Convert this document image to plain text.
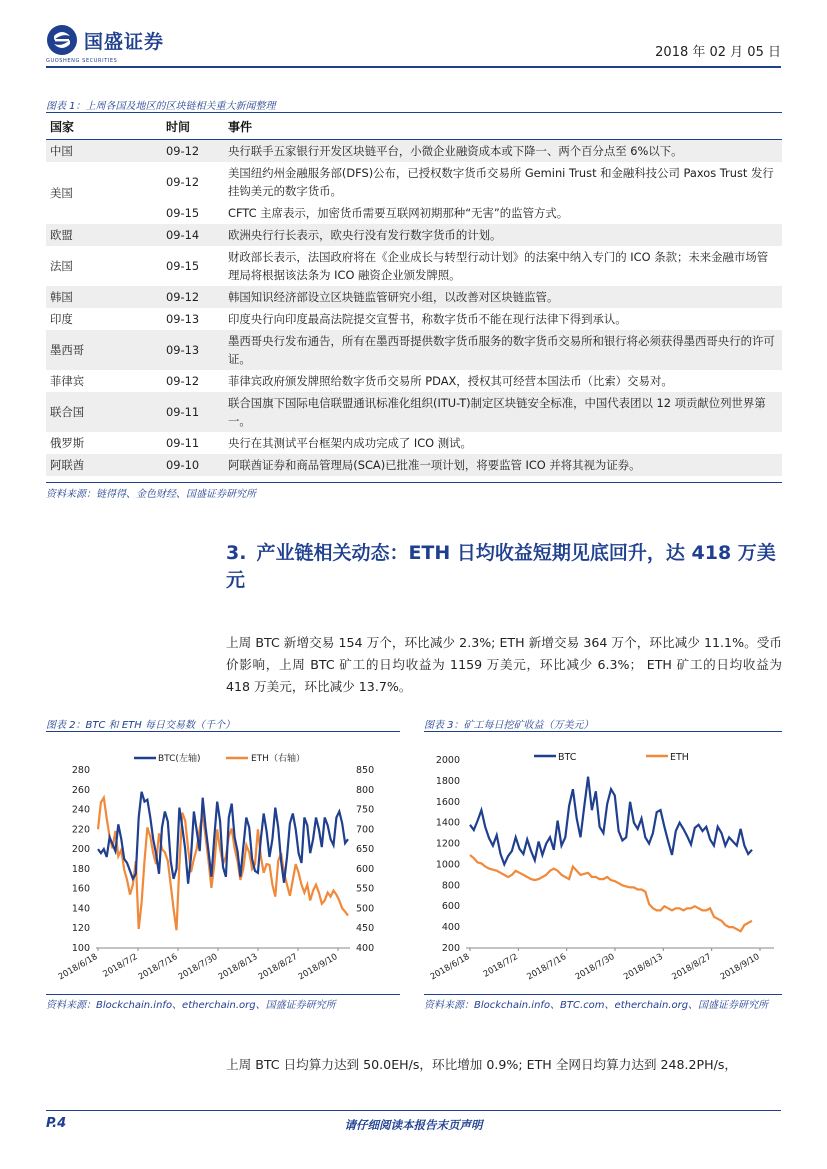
国盛证券
GUOSHENG SECURITIES
2018 年 02 月 05 日
图表 1：上周各国及地区的区块链相关重大新闻整理
国家	时间	事件
中国	09-12	央行联手五家银行开发区块链平台，小微企业融资成本或下降一、两个百分点至 6%以下。
美国	09-12	美国纽约州金融服务部(DFS)公布，已授权数字货币交易所 Gemini Trust 和金融科技公司 Paxos Trust 发行挂钩美元的数字货币。
	09-15	CFTC 主席表示，加密货币需要互联网初期那种“无害”的监管方式。
欧盟	09-14	欧洲央行行长表示，欧央行没有发行数字货币的计划。
法国	09-15	财政部长表示，法国政府将在《企业成长与转型行动计划》的法案中纳入专门的 ICO 条款；未来金融市场管理局将根据该法条为 ICO 融资企业颁发牌照。
韩国	09-12	韩国知识经济部设立区块链监管研究小组，以改善对区块链监管。
印度	09-13	印度央行向印度最高法院提交宣誓书，称数字货币不能在现行法律下得到承认。
墨西哥	09-13	墨西哥央行发布通告，所有在墨西哥提供数字货币服务的数字货币交易所和银行将必须获得墨西哥央行的许可证。
菲律宾	09-12	菲律宾政府颁发牌照给数字货币交易所 PDAX，授权其可经营本国法币（比索）交易对。
联合国	09-11	联合国旗下国际电信联盟通讯标准化组织(ITU-T)制定区块链安全标准，中国代表团以 12 项贡献位列世界第一。
俄罗斯	09-11	央行在其测试平台框架内成功完成了 ICO 测试。
阿联酋	09-10	阿联酋证券和商品管理局(SCA)已批准一项计划，将要监管 ICO 并将其视为证券。
资料来源：链得得、金色财经、国盛证券研究所
3. 产业链相关动态：ETH 日均收益短期见底回升，达 418 万美元
上周 BTC 新增交易 154 万个，环比减少 2.3%; ETH 新增交易 364 万个，环比减少 11.1%。受币价影响，上周 BTC 矿工的日均收益为 1159 万美元，环比减少 6.3%； ETH 矿工的日均收益为 418 万美元，环比减少 13.7%。
图表 2：BTC 和 ETH 每日交易数（千个）
100
120
140
160
180
200
220
240
260
280
400
450
500
550
600
650
700
750
800
850
2018/6/18 2018/7/2
2018/7/16
2018/7/30
2018/8/13
2018/8/27
2018/9/10
BTC(左轴)	ETH（右轴）
资料来源：Blockchain.info、etherchain.org、国盛证券研究所
图表 3：矿工每日挖矿收益（万美元）
200
400
600
800
1000
1200
1400
1600
1800
2000
2018/6/18 2018/7/2 2018/7/16 2018/7/30 2018/8/13 2018/8/27 2018/9/10
BTC	ETH
资料来源：Blockchain.info、BTC.com、etherchain.org、国盛证券研究所
上周 BTC 日均算力达到 50.0EH/s，环比增加 0.9%; ETH 全网日均算力达到 248.2PH/s，
P.4	请仔细阅读本报告末页声明
